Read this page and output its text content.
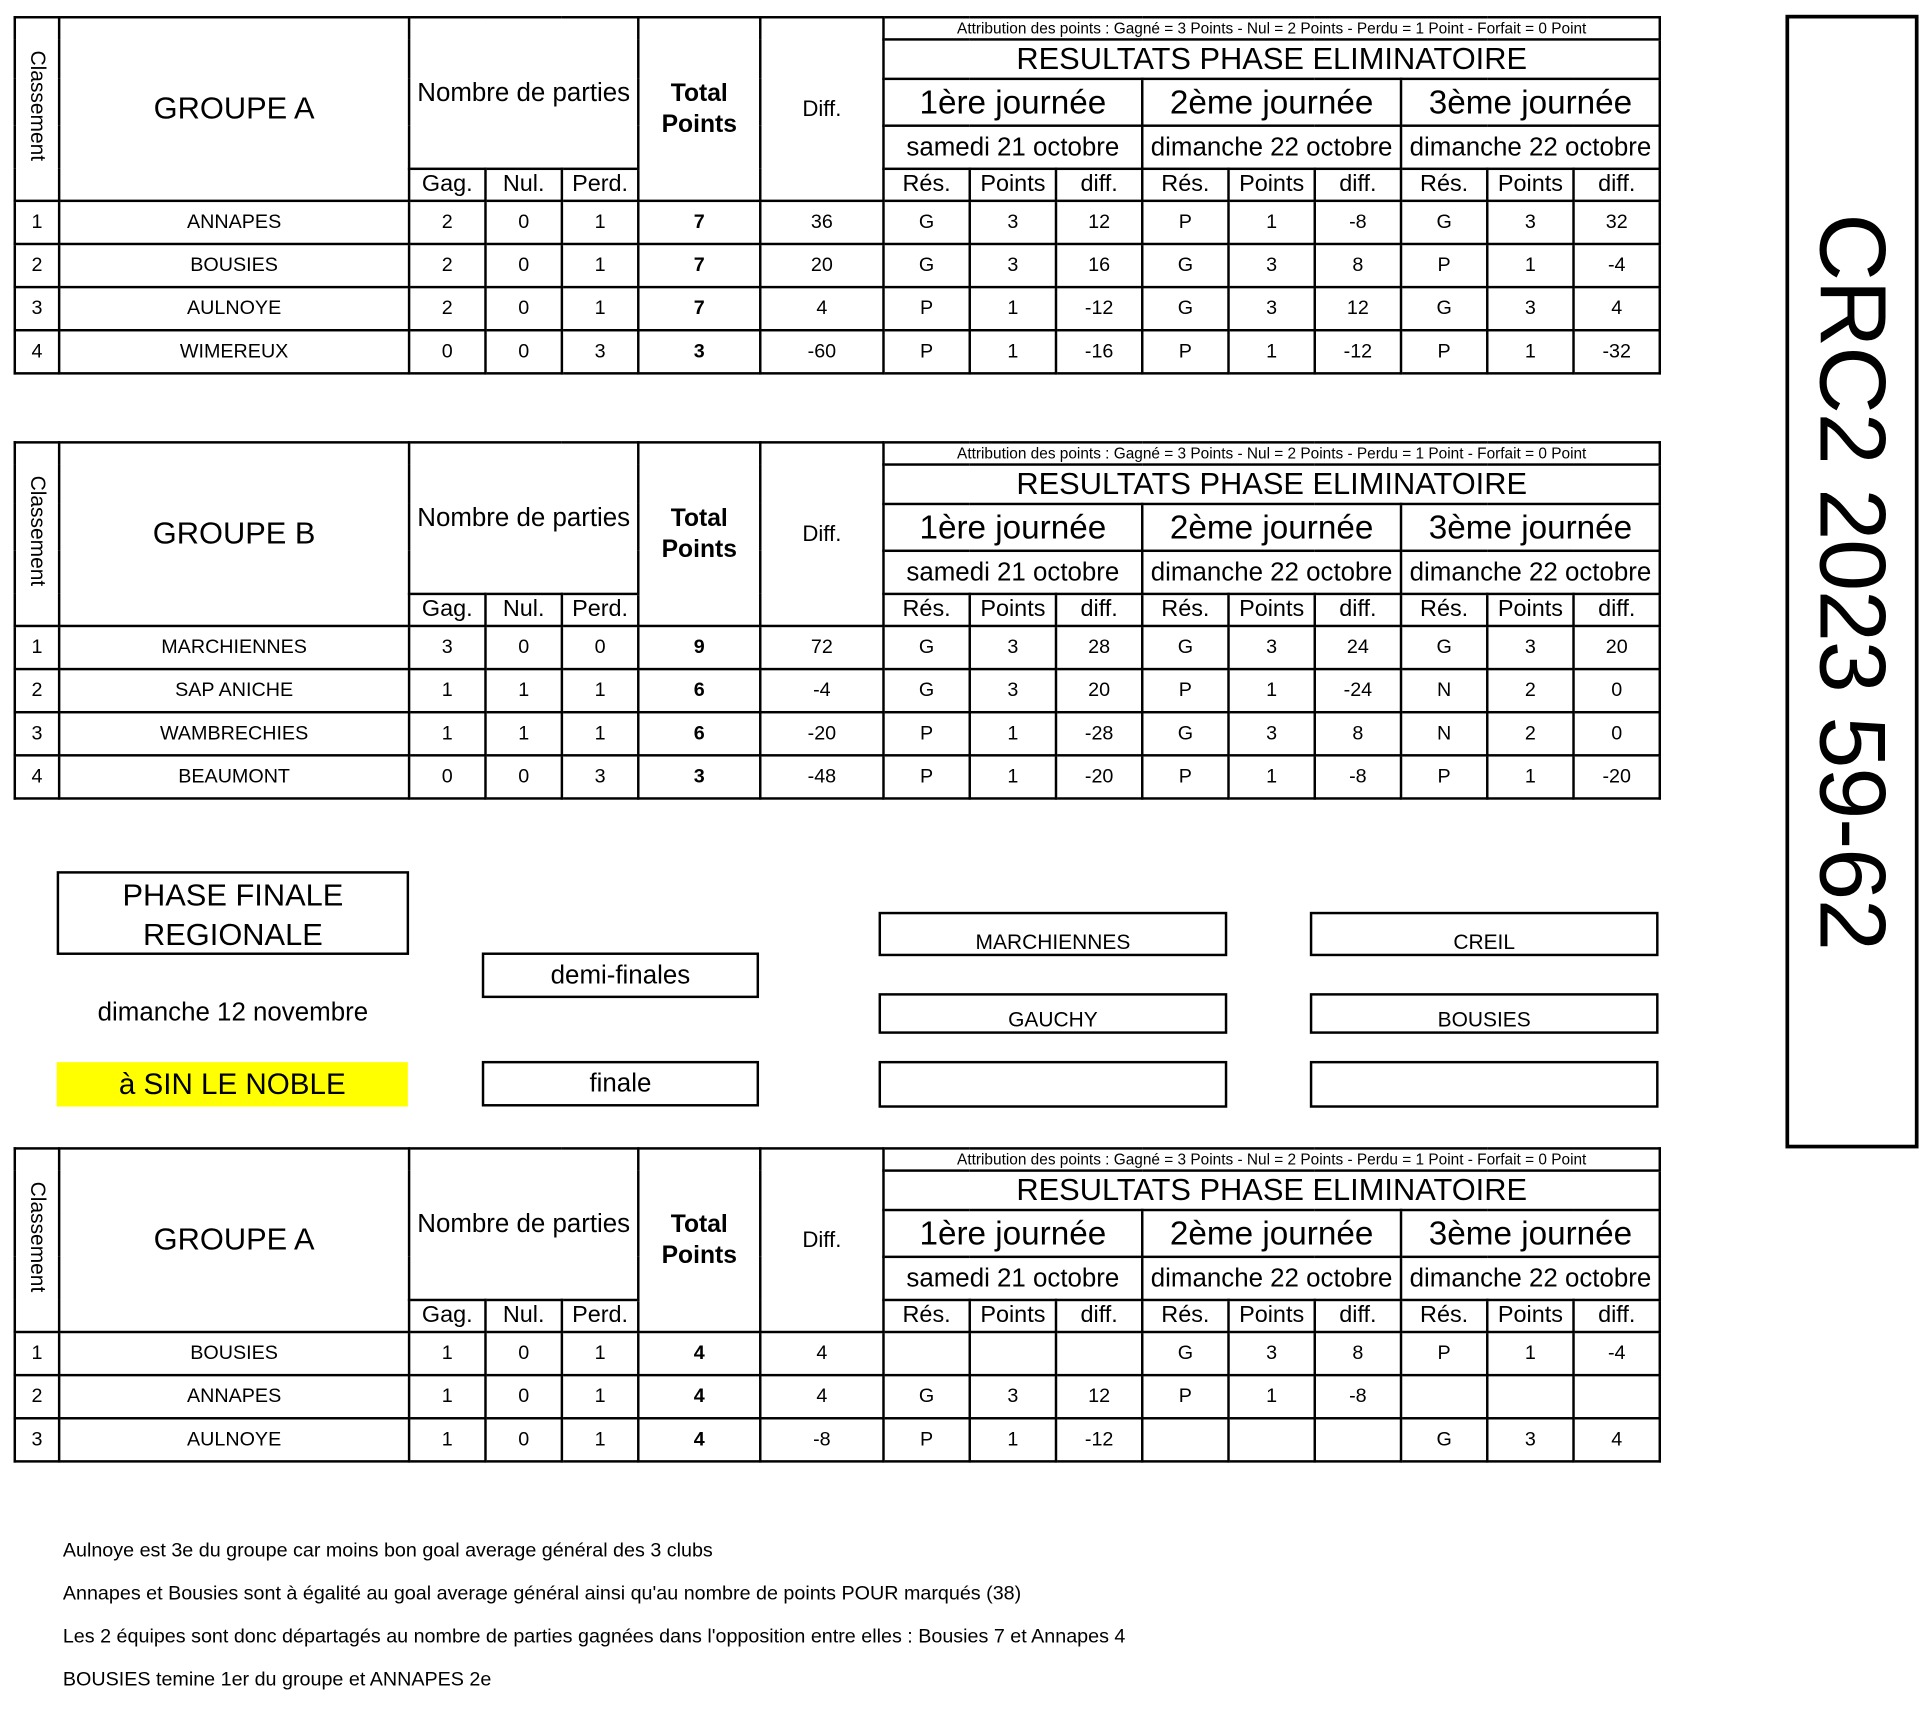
Classement	GROUPE A	Nombre de parties			Total Points	Diff.	Attribution des points : Gagné = 3 Points - Nul = 2 Points - Perdu = 1 Point - Forfait = 0 Point								
							RESULTATS PHASE ELIMINATOIRE								
							1ère journée			2ème journée			3ème journée		
							samedi 21 octobre			dimanche 22 octobre			dimanche 22 octobre		
		Gag.	Nul.	Perd.			Rés.	Points	diff.	Rés.	Points	diff.	Rés.	Points	diff.
1	ANNAPES	2	0	1	7	36	G	3	12	P	1	-8	G	3	32
2	BOUSIES	2	0	1	7	20	G	3	16	G	3	8	P	1	-4
3	AULNOYE	2	0	1	7	4	P	1	-12	G	3	12	G	3	4
4	WIMEREUX	0	0	3	3	-60	P	1	-16	P	1	-12	P	1	-32
Classement	GROUPE B	Nombre de parties			Total Points	Diff.	Attribution des points : Gagné = 3 Points - Nul = 2 Points - Perdu = 1 Point - Forfait = 0 Point								
							RESULTATS PHASE ELIMINATOIRE								
							1ère journée			2ème journée			3ème journée		
							samedi 21 octobre			dimanche 22 octobre			dimanche 22 octobre		
		Gag.	Nul.	Perd.			Rés.	Points	diff.	Rés.	Points	diff.	Rés.	Points	diff.
1	MARCHIENNES	3	0	0	9	72	G	3	28	G	3	24	G	3	20
2	SAP ANICHE	1	1	1	6	-4	G	3	20	P	1	-24	N	2	0
3	WAMBRECHIES	1	1	1	6	-20	P	1	-28	G	3	8	N	2	0
4	BEAUMONT	0	0	3	3	-48	P	1	-20	P	1	-8	P	1	-20
PHASE FINALE
REGIONALE
dimanche 12 novembre
à SIN LE NOBLE
demi-finales
finale
MARCHIENNES
GAUCHY
CREIL
BOUSIES
Classement	GROUPE A	Nombre de parties			Total Points	Diff.	Attribution des points : Gagné = 3 Points - Nul = 2 Points - Perdu = 1 Point - Forfait = 0 Point								
							RESULTATS PHASE ELIMINATOIRE								
							1ère journée			2ème journée			3ème journée		
							samedi 21 octobre			dimanche 22 octobre			dimanche 22 octobre		
		Gag.	Nul.	Perd.			Rés.	Points	diff.	Rés.	Points	diff.	Rés.	Points	diff.
1	BOUSIES	1	0	1	4	4				G	3	8	P	1	-4
2	ANNAPES	1	0	1	4	4	G	3	12	P	1	-8			
3	AULNOYE	1	0	1	4	-8	P	1	-12				G	3	4
Aulnoye est 3e du groupe car moins bon goal average général des 3 clubs
Annapes et Bousies sont à égalité au goal average général ainsi qu'au nombre de points POUR marqués (38)
Les 2 équipes sont donc départagés au nombre de parties gagnées dans l'opposition entre elles : Bousies 7 et Annapes 4
BOUSIES temine 1er du groupe et ANNAPES 2e
CRC2 2023 59-62
